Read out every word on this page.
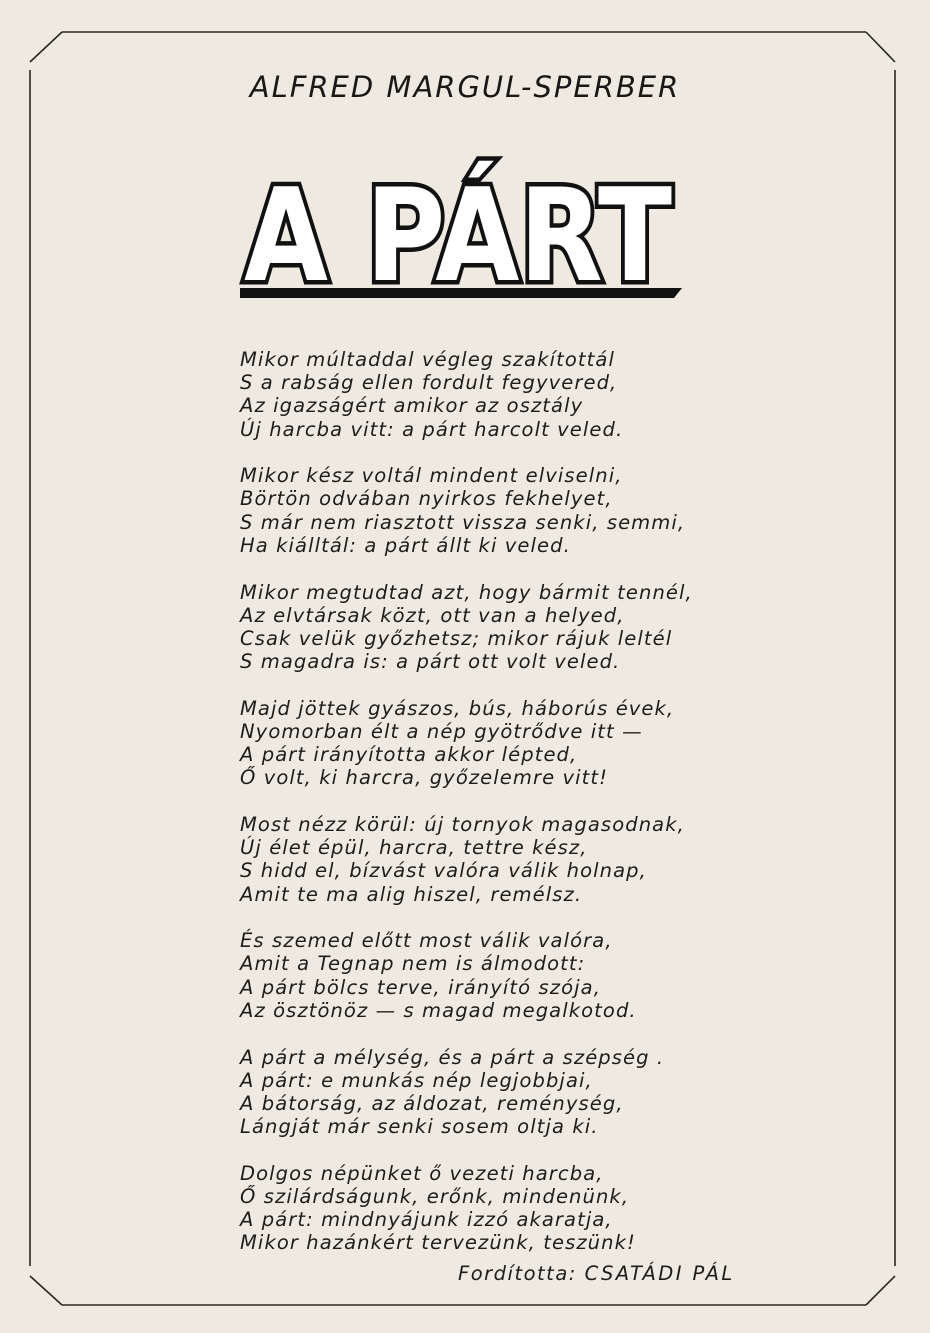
ALFRED MARGUL-SPERBER
A PÁRT
Mikor múltaddal végleg szakítottál
S a rabság ellen fordult fegyvered,
Az igazságért amikor az osztály
Új harcba vitt: a párt harcolt veled.
Mikor kész voltál mindent elviselni,
Börtön odvában nyirkos fekhelyet,
S már nem riasztott vissza senki, semmi,
Ha kiálltál: a párt állt ki veled.
Mikor megtudtad azt, hogy bármit tennél,
Az elvtársak közt, ott van a helyed,
Csak velük győzhetsz; mikor rájuk leltél
S magadra is: a párt ott volt veled.
Majd jöttek gyászos, bús, háborús évek,
Nyomorban élt a nép gyötrődve itt —
A párt irányította akkor lépted,
Ő volt, ki harcra, győzelemre vitt!
Most nézz körül: új tornyok magasodnak,
Új élet épül, harcra, tettre kész,
S hidd el, bízvást valóra válik holnap,
Amit te ma alig hiszel, remélsz.
És szemed előtt most válik valóra,
Amit a Tegnap nem is álmodott:
A párt bölcs terve, irányító szója,
Az ösztönöz — s magad megalkotod.
A párt a mélység, és a párt a szépség .
A párt: e munkás nép legjobbjai,
A bátorság, az áldozat, reménység,
Lángját már senki sosem oltja ki.
Dolgos népünket ő vezeti harcba,
Ő szilárdságunk, erőnk, mindenünk,
A párt: mindnyájunk izzó akaratja,
Mikor hazánkért tervezünk, teszünk!
Fordította: CSATÁDI PÁL
